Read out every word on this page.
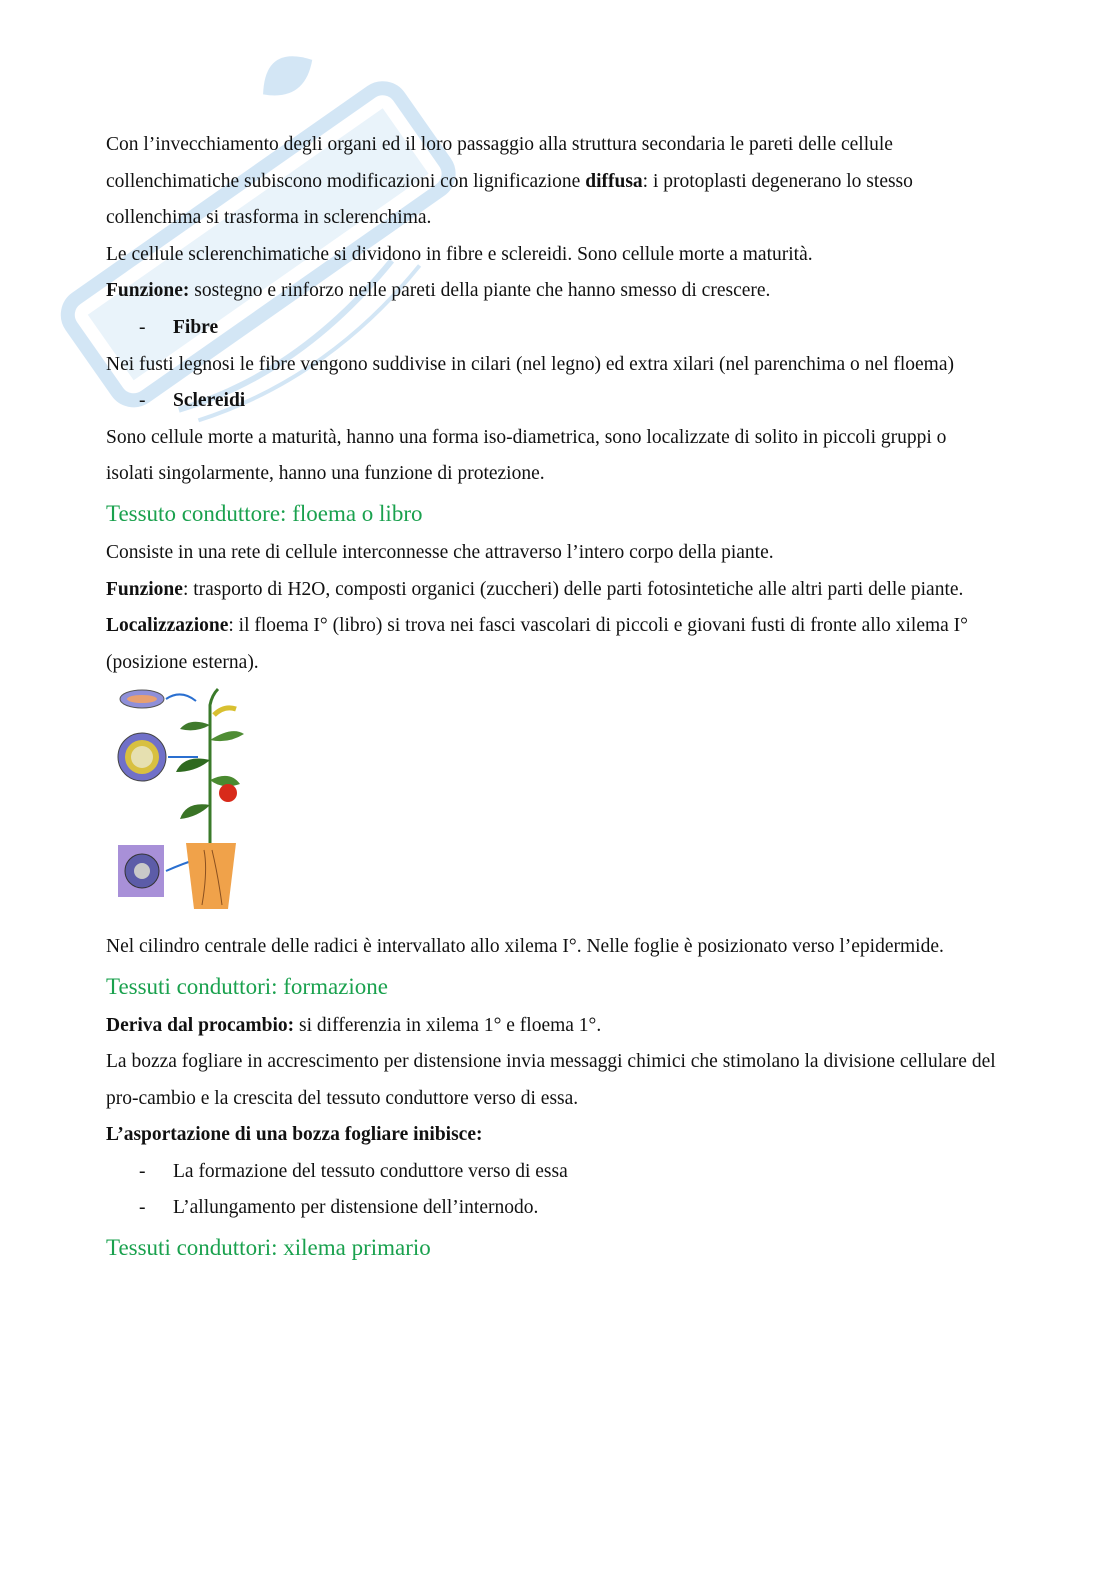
Con l’invecchiamento degli organi ed il loro passaggio alla struttura secondaria le pareti delle cellule collenchimatiche subiscono modificazioni con lignificazione diffusa: i protoplasti degenerano lo stesso collenchima si trasforma in sclerenchima.

Le cellule sclerenchimatiche si dividono in fibre e sclereidi. Sono cellule morte a maturità.

Funzione: sostegno e rinforzo nelle pareti della piante che hanno smesso di crescere.

-	Fibre

Nei fusti legnosi le fibre vengono suddivise in cilari (nel legno) ed extra xilari (nel parenchima o nel floema)

-	Sclereidi

Sono cellule morte a maturità, hanno una forma iso-diametrica, sono localizzate di solito in piccoli gruppi o isolati singolarmente, hanno una funzione di protezione.

Tessuto conduttore: floema o libro

Consiste in una rete di cellule interconnesse che attraverso l’intero corpo della piante.

Funzione: trasporto di H2O, composti organici (zuccheri) delle parti fotosintetiche alle altri parti delle piante.

Localizzazione: il floema I° (libro) si trova nei fasci vascolari di piccoli e giovani fusti di fronte allo xilema I° (posizione esterna).

Nel cilindro centrale delle radici è intervallato allo xilema I°. Nelle foglie è posizionato verso l’epidermide.

Tessuti conduttori: formazione

Deriva dal procambio: si differenzia in xilema 1° e floema 1°.

La bozza fogliare in accrescimento per distensione invia messaggi chimici che stimolano la divisione cellulare del pro-cambio e la crescita del tessuto conduttore verso di essa.

L’asportazione di una bozza fogliare inibisce:

-	La formazione del tessuto conduttore verso di essa
-	L’allungamento per distensione dell’internodo.
Tessuti conduttori: xilema primario
